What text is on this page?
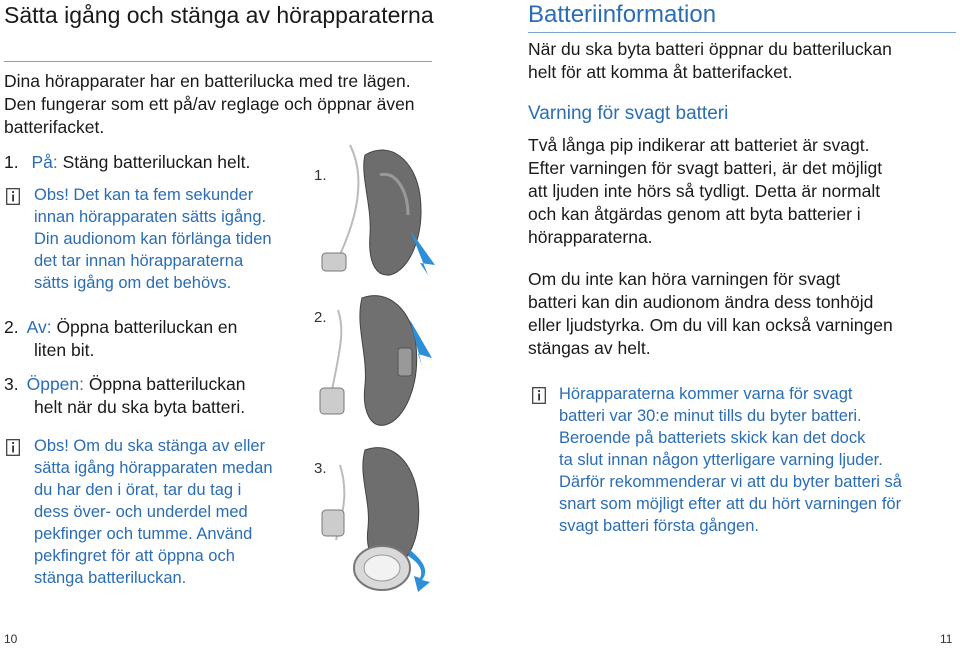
Sätta igång och stänga av hörapparaterna
Dina hörapparater har en batterilucka med tre lägen. Den fungerar som ett på/av reglage och öppnar även batterifacket.
1. På: Stäng batteriluckan helt.
Obs! Det kan ta fem sekunder
innan hörapparaten sätts igång.
Din audionom kan förlänga tiden
det tar innan hörapparaterna
sätts igång om det behövs.
2. Av: Öppna batteriluckan en
liten bit.
3. Öppen: Öppna batteriluckan
helt när du ska byta batteri.
Obs! Om du ska stänga av eller
sätta igång hörapparaten medan
du har den i örat, tar du tag i
dess över- och underdel med
pekfinger och tumme. Använd
pekfingret för att öppna och
stänga batteriluckan.
1.
2.
3.
Batteriinformation
När du ska byta batteri öppnar du batteriluckan
helt för att komma åt batterifacket.
Varning för svagt batteri
Två långa pip indikerar att batteriet är svagt.
Efter varningen för svagt batteri, är det möjligt
att ljuden inte hörs så tydligt. Detta är normalt
och kan åtgärdas genom att byta batterier i
hörapparaterna.
Om du inte kan höra varningen för svagt
batteri kan din audionom ändra dess tonhöjd
eller ljudstyrka. Om du vill kan också varningen
stängas av helt.
Hörapparaterna kommer varna för svagt
batteri var 30:e minut tills du byter batteri.
Beroende på batteriets skick kan det dock
ta slut innan någon ytterligare varning ljuder.
Därför rekommenderar vi att du byter batteri så
snart som möjligt efter att du hört varningen för
svagt batteri första gången.
10	11
